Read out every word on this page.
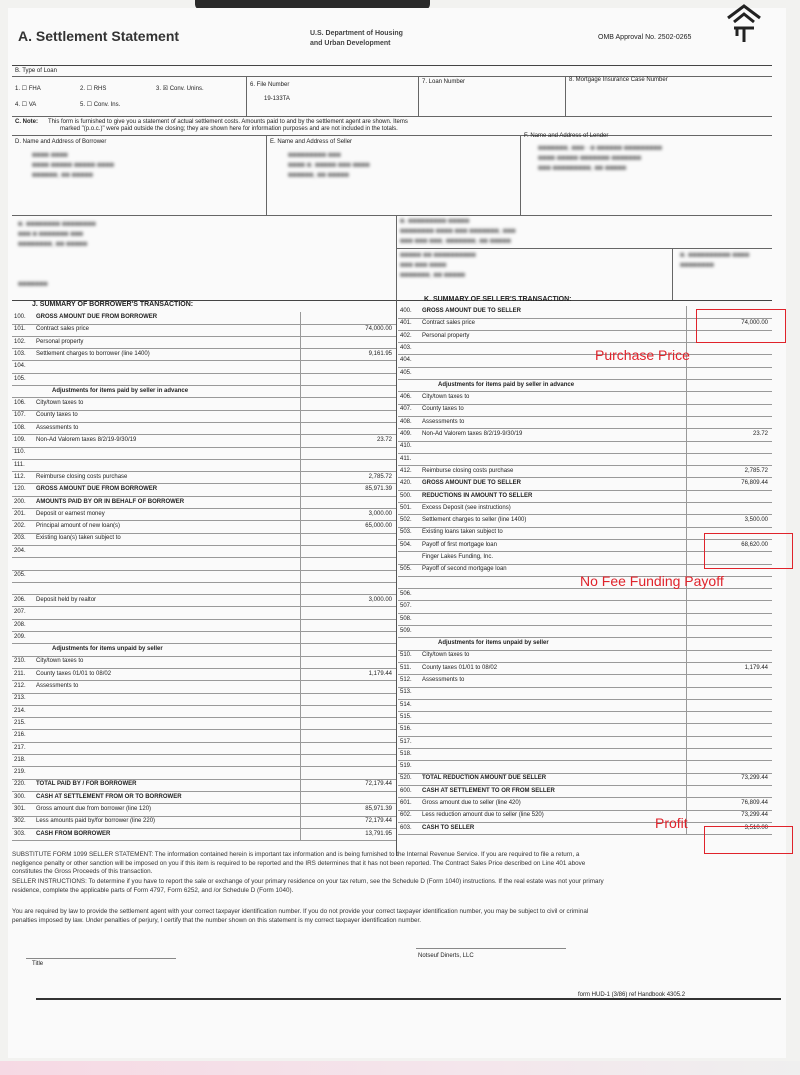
A. Settlement Statement	U.S. Department of Housing
and Urban Development
OMB Approval No. 2502-0265
B. Type of Loan
1. ☐ FHA	2. ☐ RHS	3. ☒ Conv. Unins.
4. ☐ VA	5. ☐ Conv. Ins.
6. File Number
19-133TA
7. Loan Number	8. Mortgage Insurance Case Number
C. Note: This form is furnished to give you a statement of actual settlement costs. Amounts paid to and by the settlement agent are shown. Items
marked "(p.o.c.)" were paid outside the closing; they are shown here for information purposes and are not included in the totals.
D. Name and Address of Borrower
■■■■ ■■■■
■■■■ ■■■■■ ■■■■■ ■■■■
■■■■■■, ■■ ■■■■■
E. Name and Address of Seller
■■■■■■■■■ ■■■
■■■■ ■. ■■■■■ ■■■ ■■■■
■■■■■■, ■■ ■■■■■
F. Name and Address of Lender
■■■■■■■, ■■■ - ■ ■■■■■■ ■■■■■■■■■
■■■■ ■■■■■ ■■■■■■■ ■■■■■■■
■■■ ■■■■■■■■■, ■■ ■■■■■
■. ■■■■■■■■ ■■■■■■■■
■■■ ■ ■■■■■■■ ■■■
■■■■■■■■, ■■ ■■■■■

■■■■■■■
■. ■■■■■■■■■ ■■■■■
■■■■■■■■ ■■■■ ■■■ ■■■■■■■, ■■■
■■■ ■■■ ■■■, ■■■■■■■, ■■ ■■■■■
■■■■■ ■■ ■■■■■■■■■■
■■■ ■■■ ■■■■
■■■■■■■, ■■ ■■■■■
■. ■■■■■■■■■■ ■■■■
■■■■■■■■
J. SUMMARY OF BORROWER'S TRANSACTION:
K. SUMMARY OF SELLER'S TRANSACTION:
100. GROSS AMOUNT DUE FROM BORROWER
101. Contract sales price	74,000.00
102. Personal property
103. Settlement charges to borrower (line 1400)	9,161.95
104.
105.
Adjustments for items paid by seller in advance
106. City/town taxes to
107. County taxes to
108. Assessments to
109. Non-Ad Valorem taxes 8/2/19-9/30/19	23.72
110.
111.
112. Reimburse closing costs purchase	2,785.72
120. GROSS AMOUNT DUE FROM BORROWER	85,971.39
200. AMOUNTS PAID BY OR IN BEHALF OF BORROWER
201. Deposit or earnest money	3,000.00
202. Principal amount of new loan(s)	65,000.00
203. Existing loan(s) taken subject to
204.
205.
206. Deposit held by realtor	3,000.00
207.
208.
209.
Adjustments for items unpaid by seller
210. City/town taxes to
211. County taxes 01/01 to 08/02	1,179.44
212. Assessments to
213.
214.
215.
216.
217.
218.
219.
220. TOTAL PAID BY / FOR BORROWER	72,179.44
300. CASH AT SETTLEMENT FROM OR TO BORROWER
301. Gross amount due from borrower (line 120)	85,971.39
302. Less amounts paid by/for borrower (line 220)	72,179.44
303. CASH FROM BORROWER	13,791.95
400. GROSS AMOUNT DUE TO SELLER
401. Contract sales price	74,000.00
402. Personal property
403.
404.
405.
Adjustments for items paid by seller in advance
406. City/town taxes to
407. County taxes to
408. Assessments to
409. Non-Ad Valorem taxes 8/2/19-9/30/19	23.72
410.
411.
412. Reimburse closing costs purchase	2,785.72
420. GROSS AMOUNT DUE TO SELLER	76,809.44
500. REDUCTIONS IN AMOUNT TO SELLER
501. Excess Deposit (see instructions)
502. Settlement charges to seller (line 1400)	3,500.00
503. Existing loans taken subject to
504. Payoff of first mortgage loan	68,620.00
Finger Lakes Funding, Inc.
505. Payoff of second mortgage loan
506.
507.
508.
509.
Adjustments for items unpaid by seller
510. City/town taxes to
511. County taxes 01/01 to 08/02	1,179.44
512. Assessments to
513.
514.
515.
516.
517.
518.
519.
520. TOTAL REDUCTION AMOUNT DUE SELLER	73,299.44
600. CASH AT SETTLEMENT TO OR FROM SELLER
601. Gross amount due to seller (line 420)	76,809.44
602. Less reduction amount due to seller (line 520)	73,299.44
603. CASH TO SELLER	3,510.00
SUBSTITUTE FORM 1099 SELLER STATEMENT: The information contained herein is important tax information and is being furnished to the Internal Revenue Service. If you are required to file a return, a
negligence penalty or other sanction will be imposed on you if this item is required to be reported and the IRS determines that it has not been reported. The Contract Sales Price described on Line 401 above
constitutes the Gross Proceeds of this transaction.
SELLER INSTRUCTIONS: To determine if you have to report the sale or exchange of your primary residence on your tax return, see the Schedule D (Form 1040) instructions. If the real estate was not your primary
residence, complete the applicable parts of Form 4797, Form 6252, and /or Schedule D (Form 1040).
You are required by law to provide the settlement agent with your correct taxpayer identification number. If you do not provide your correct taxpayer identification number, you may be subject to civil or criminal
penalties imposed by law. Under penalties of perjury, I certify that the number shown on this statement is my correct taxpayer identification number.
Title
Notseuf Dinerts, LLC
form HUD-1 (3/86) ref Handbook 4305.2
Purchase Price
No Fee Funding Payoff
Profit
